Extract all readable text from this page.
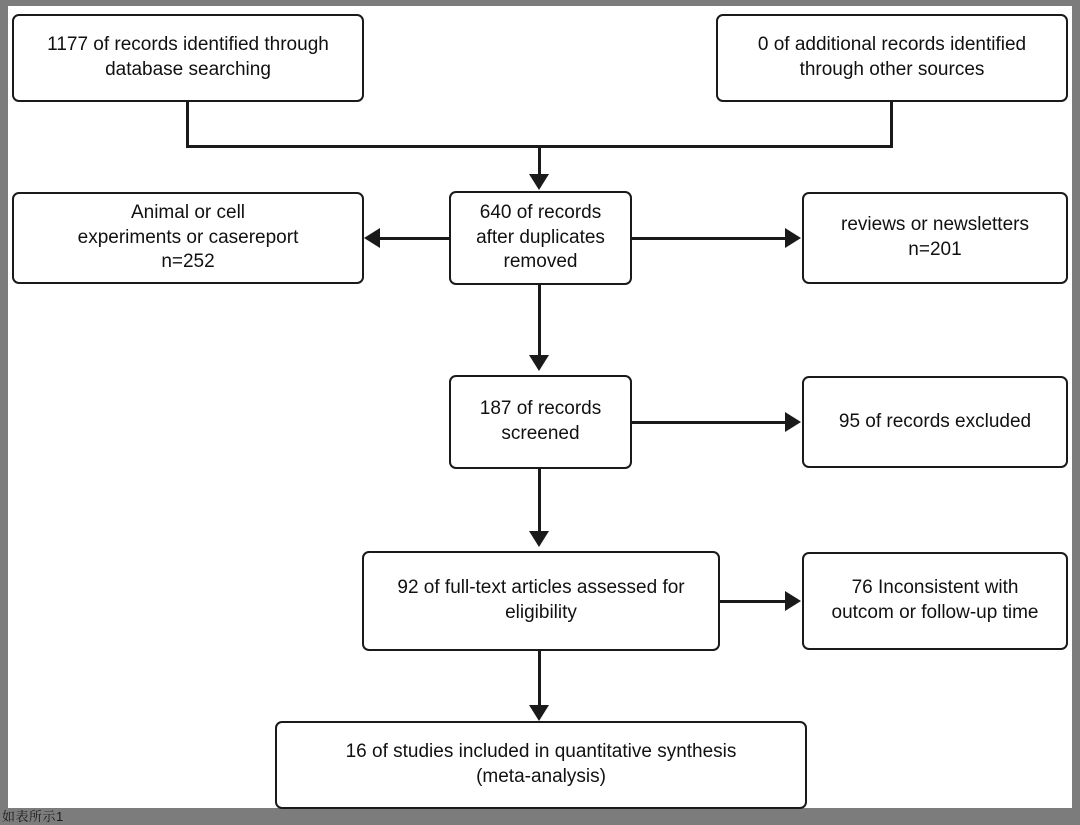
1177 of records identified through
database searching
0 of additional records identified
through other sources
640 of records
after duplicates
removed
Animal or cell
experiments or casereport
n=252
reviews or newsletters
n=201
187 of records
screened
95 of records excluded
92 of full-text articles assessed for
eligibility
76 Inconsistent with
outcom or follow-up time
16 of studies included in quantitative synthesis
(meta-analysis)
如表所示1
